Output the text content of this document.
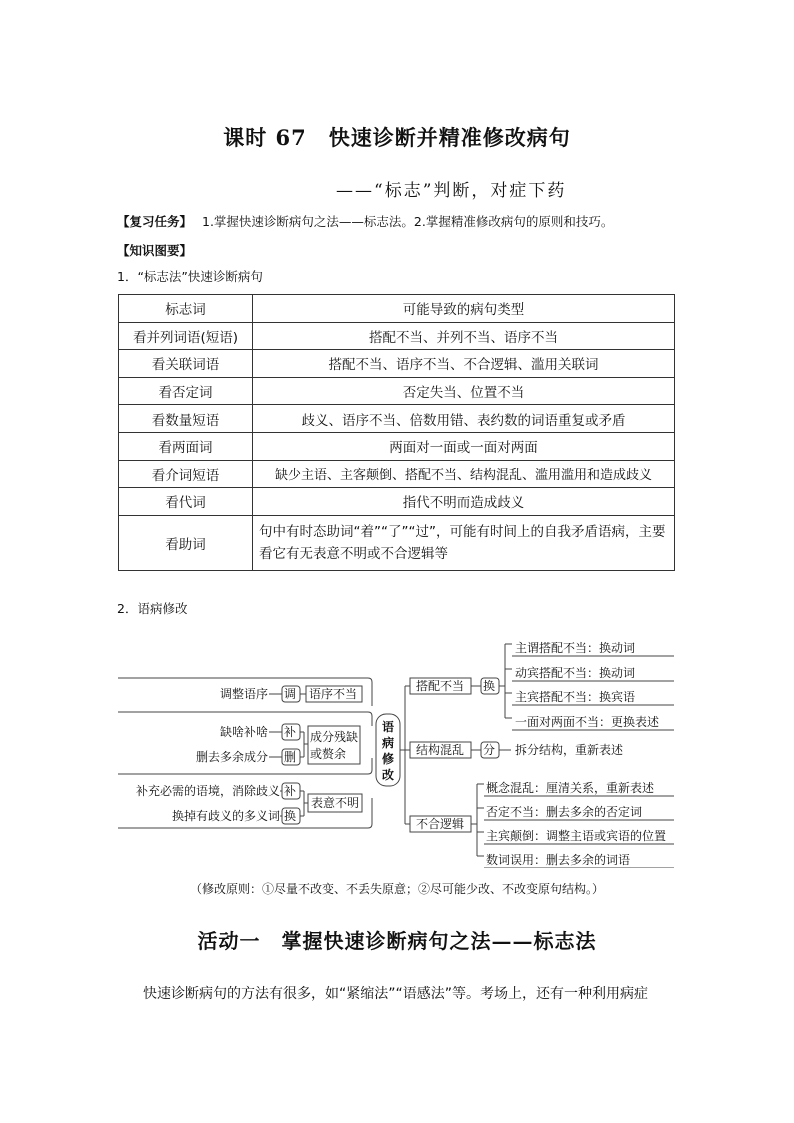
课时 67　快速诊断并精准修改病句
——“标志”判断，对症下药
【复习任务】 1.掌握快速诊断病句之法——标志法。2.掌握精准修改病句的原则和技巧。
【知识图要】
1．“标志法”快速诊断病句
标志词	可能导致的病句类型
看并列词语(短语)	搭配不当、并列不当、语序不当
看关联词语	搭配不当、语序不当、不合逻辑、滥用关联词
看否定词	否定失当、位置不当
看数量短语	歧义、语序不当、倍数用错、表约数的词语重复或矛盾
看两面词	两面对一面或一面对两面
看介词短语	缺少主语、主客颠倒、搭配不当、结构混乱、滥用滥用和造成歧义
看代词	指代不明而造成歧义
看助词	句中有时态助词“着”“了”“过”，可能有时间上的自我矛盾语病，主要看它有无表意不明或不合逻辑等
2．语病修改
语
病
修
改
调整语序 调 语序不当
缺啥补啥 补
删去多余成分 删
成分残缺
或赘余
补充必需的语境，消除歧义 补
换掉有歧义的多义词 换
表意不明
搭配不当 换
主谓搭配不当：换动词
动宾搭配不当：换动词
主宾搭配不当：换宾语
一面对两面不当：更换表述
结构混乱 分 拆分结构，重新表述
不合逻辑
概念混乱：厘清关系，重新表述
否定不当：删去多余的否定词
主宾颠倒：调整主语或宾语的位置
数词误用：删去多余的词语
（修改原则：①尽量不改变、不丢失原意；②尽可能少改、不改变原句结构。）
活动一　掌握快速诊断病句之法——标志法
快速诊断病句的方法有很多，如“紧缩法”“语感法”等。考场上，还有一种利用病症
